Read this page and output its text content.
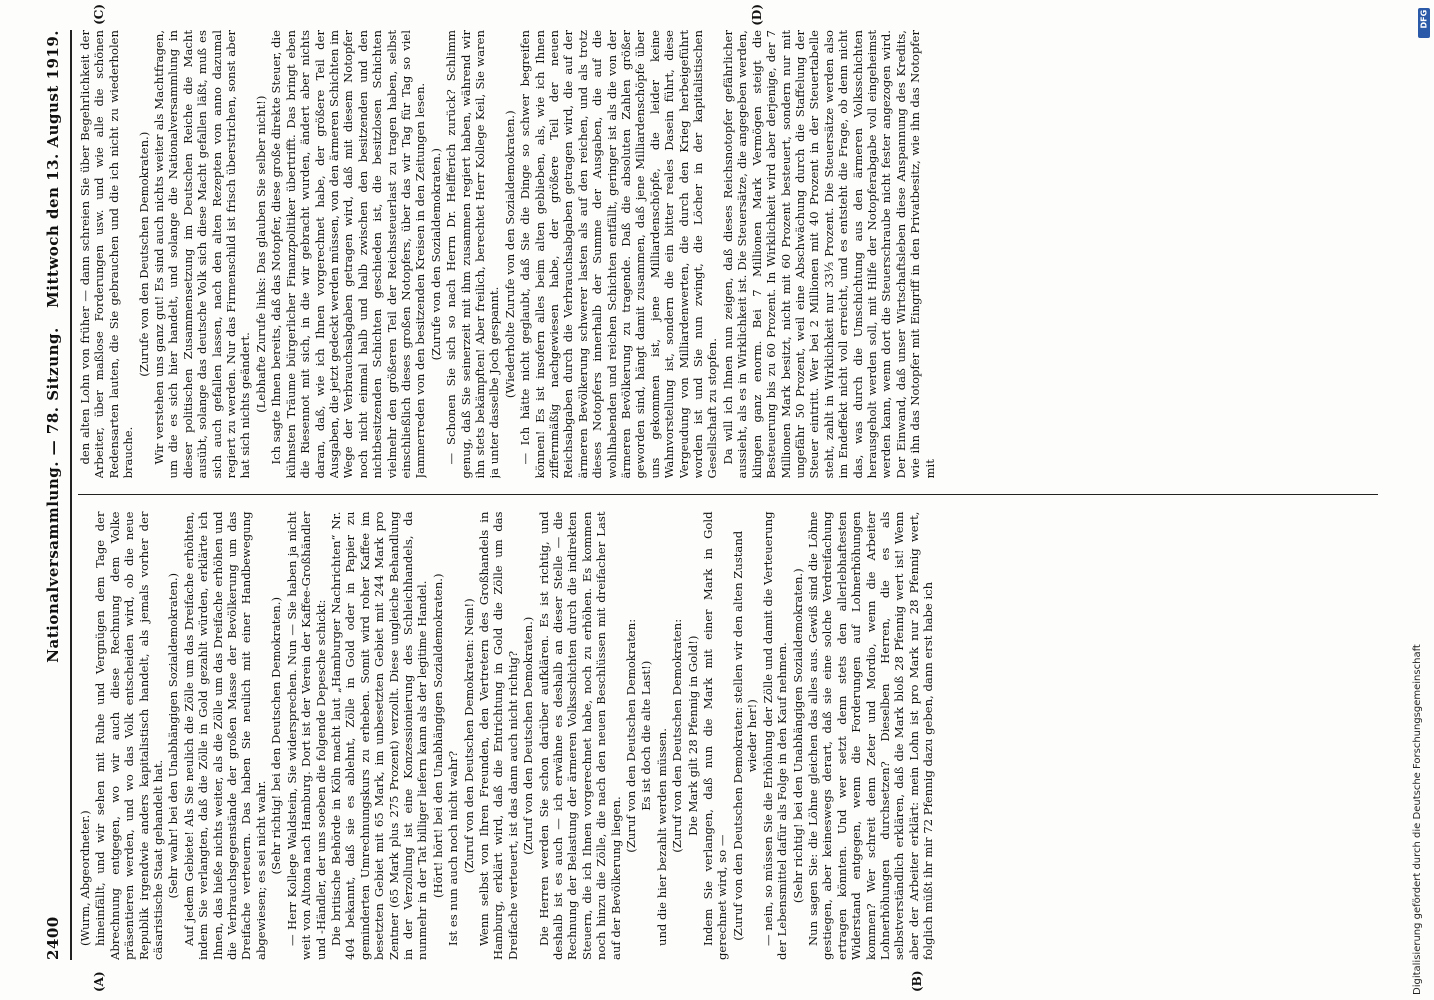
2400
Nationalversammlung. — 78. Sitzung.
Mittwoch den 13. August 1919.

(Wurm, Abgeordneter.) hineinfällt, und wir sehen mit Ruhe und Vergnügen dem Tage der Abrechnung entgegen, wo wir auch diese Rechnung dem Volke präsentieren werden, und wo das Volk entscheiden wird, ob die neue Republik irgendwie anders kapitalistisch handelt, als jemals vorher der cäsaristische Staat gehandelt hat. (Sehr wahr! bei den Unabhängigen Sozialdemokraten.) Auf jedem Gebiete! Als Sie neulich die Zölle um das Dreifache erhöhten, indem Sie verlangten, daß die Zölle in Gold gezahlt würden, erklärte ich Ihnen, das hieße nichts weiter, als die Zölle um das Dreifache erhöhen und die Verbrauchsgegenstände der großen Masse der Bevölkerung um das Dreifache verteuern. Das haben Sie neulich mit einer Handbewegung abgewiesen; es sei nicht wahr. (Sehr richtig! bei den Deutschen Demokraten.) — Herr Kollege Waldstein, Sie widersprechen. Nun — Sie haben ja nicht weit von Altona nach Hamburg. Dort ist der Verein der Kaffee-Großhändler und -Händler, der uns soeben die folgende Depesche schickt: Die britische Behörde in Köln macht laut „Hamburger Nachrichten“ Nr. 404 bekannt, daß sie es ablehnt, Zölle in Gold oder in Papier zu geminderten Umrechnungskurs zu erheben. Somit wird roher Kaffee im besetzten Gebiet mit 65 Mark, im unbesetzten Gebiet mit 244 Mark pro Zentner (65 Mark plus 275 Prozent) verzollt. Diese ungleiche Behandlung in der Verzollung ist eine Konzessionierung des Schleichhandels, da nunmehr in der Tat billiger liefern kann als der legitime Handel. (Hört! hört! bei den Unabhängigen Sozialdemokraten.) Ist es nun auch noch nicht wahr? (Zuruf von den Deutschen Demokraten: Nein!) Wenn selbst von Ihren Freunden, den Vertretern des Großhandels in Hamburg, erklärt wird, daß die Entrichtung in Gold die Zölle um das Dreifache verteuert, ist das dann auch nicht richtig? (Zuruf von den Deutschen Demokraten.) Die Herren werden Sie schon darüber aufklären. Es ist richtig, und deshalb ist es auch — ich erwähne es deshalb an dieser Stelle — die Rechnung der Belastung der ärmeren Volksschichten durch die indirekten Steuern, die ich Ihnen vorgerechnet habe, noch zu erhöhen. Es kommen noch hinzu die Zölle, die nach den neuen Beschlüssen mit dreifacher Last auf der Bevölkerung liegen.

(Zuruf von den Deutschen Demokraten: Es ist doch die alte Last!) und die hier bezahlt werden müssen. (Zuruf von den Deutschen Demokraten: Die Mark gilt 28 Pfennig in Gold!) Indem Sie verlangen, daß nun die Mark mit einer Mark in Gold gerechnet wird, so — (Zuruf von den Deutschen Demokraten: stellen wir den alten Zustand wieder her!) — nein, so müssen Sie die Erhöhung der Zölle und damit die Verteuerung der Lebensmittel dafür als Folge in den Kauf nehmen. (Sehr richtig! bei den Unabhängigen Sozialdemokraten.) Nun sagen Sie: die Löhne gleichen das alles aus. Gewiß sind die Löhne gestiegen, aber keineswegs derart, daß sie eine solche Verdreifachung ertragen könnten. Und wer setzt denn stets den allerlebhaftesten Widerstand entgegen, wenn die Forderungen auf Lohnerhöhungen kommen? Wer schreit denn Zeter und Mordio, wenn die Arbeiter Lohnerhöhungen durchsetzen? Dieselben Herren, die es als selbstverständlich erklären, daß die Mark bloß 28 Pfennig wert ist! Wenn aber der Arbeiter erklärt: mein Lohn ist pro Mark nur 28 Pfennig wert, folglich müßt ihr mir 72 Pfennig dazu geben, dann erst habe ich

den alten Lohn von früher — dann schreien Sie über Begehrlichkeit der Arbeiter, über maßlose Forderungen usw. und wie alle die schönen Redensarten lauten, die Sie gebrauchen und die ich nicht zu wiederholen brauche.

(Zurufe von den Deutschen Demokraten.) Wir verstehen uns ganz gut! Es sind auch nichts weiter als Machtfragen, um die es sich hier handelt, und solange die Nationalversammlung in dieser politischen Zusammensetzung im Deutschen Reiche die Macht ausübt, solange das deutsche Volk sich diese Macht gefallen läßt, muß es sich auch gefallen lassen, nach den alten Rezepten von anno dazumal regiert zu werden. Nur das Firmenschild ist frisch überstrichen, sonst aber hat sich nichts geändert. (Lebhafte Zurufe links: Das glauben Sie selber nicht!) Ich sagte Ihnen bereits, daß das Notopfer, diese große direkte Steuer, die kühnsten Träume bürgerlicher Finanzpolitiker übertrifft. Das bringt eben die Riesennot mit sich, in die wir gebracht wurden, ändert aber nichts daran, daß, wie ich Ihnen vorgerechnet habe, der größere Teil der Ausgaben, die jetzt gedeckt werden müssen, von den ärmeren Schichten im Wege der Verbrauchsabgaben getragen wird, daß mit diesem Notopfer noch nicht einmal halb und halb zwischen den besitzenden und den nichtbesitzenden Schichten geschieden ist, die besitzlosen Schichten vielmehr den größeren Teil der Reichssteuerlast zu tragen haben, selbst einschließlich dieses großen Notopfers, über das wir Tag für Tag so viel Jammerreden von den besitzenden Kreisen in den Zeitungen lesen. (Zurufe von den Sozialdemokraten.) — Schonen Sie sich so nach Herrn Dr. Helfferich zurück? Schlimm genug, daß Sie seinerzeit mit ihm zusammen regiert haben, während wir ihn stets bekämpften! Aber freilich, berechtet Herr Kollege Keil, Sie waren ja unter dasselbe Joch gespannt. (Wiederholte Zurufe von den Sozialdemokraten.) — Ich hätte nicht geglaubt, daß Sie die Dinge so schwer begreifen können! Es ist insofern alles beim alten geblieben, als, wie ich Ihnen ziffernmäßig nachgewiesen habe, der größere Teil der neuen Reichsabgaben durch die Verbrauchsabgaben getragen wird, die auf der ärmeren Bevölkerung schwerer lasten als auf den reichen, und als trotz dieses Notopfers innerhalb der Summe der Ausgaben, die auf die wohlhabenden und reichen Schichten entfällt, geringer ist als die von der ärmeren Bevölkerung zu tragende. Daß die absoluten Zahlen größer geworden sind, hängt damit zusammen, daß jene Milliardenschöpfe über uns gekommen ist, jene Milliardenschöpfe, die leider keine Wahnvorstellung ist, sondern die ein bitter reales Dasein führt, diese Vergeudung von Milliardenwerten, die durch den Krieg herbeigeführt worden ist und Sie nun zwingt, die Löcher in der kapitalistischen Gesellschaft zu stopfen. Da will ich Ihnen nun zeigen, daß dieses Reichsnotopfer gefährlicher aussieht, als es in Wirklichkeit ist. Die Steuersätze, die angegeben werden, klingen ganz enorm. Bei 7 Millionen Mark Vermögen steigt die Besteuerung bis zu 60 Prozent. In Wirklichkeit wird aber derjenige, der 7 Millionen Mark besitzt, nicht mit 60 Prozent besteuert, sondern nur mit ungefähr 50 Prozent, weil eine Abschwächung durch die Staffelung der Steuer eintritt. Wer bei 2 Millionen mit 40 Prozent in der Steuertabelle steht, zahlt in Wirklichkeit nur 33⅓ Prozent. Die Steuersätze werden also im Endeffekt nicht voll erreicht, und es entsteht die Frage, ob denn nicht das, was durch die Umschichtung aus den ärmeren Volksschichten herausgeholt werden soll, mit Hilfe der Notopferabgabe voll eingeheimst werden kann, wenn dort die Steuerschraube nicht fester angezogen wird. Der Einwand, daß unser Wirtschaftsleben diese Anspannung des Kredits, wie ihn das Notopfer mit Eingriff in den Privatbesitz, wie ihn das Notopfer mit

(A)	(B)
(C)	(D)	DFG
Digitalisierung gefördert durch die Deutsche Forschungsgemeinschaft
